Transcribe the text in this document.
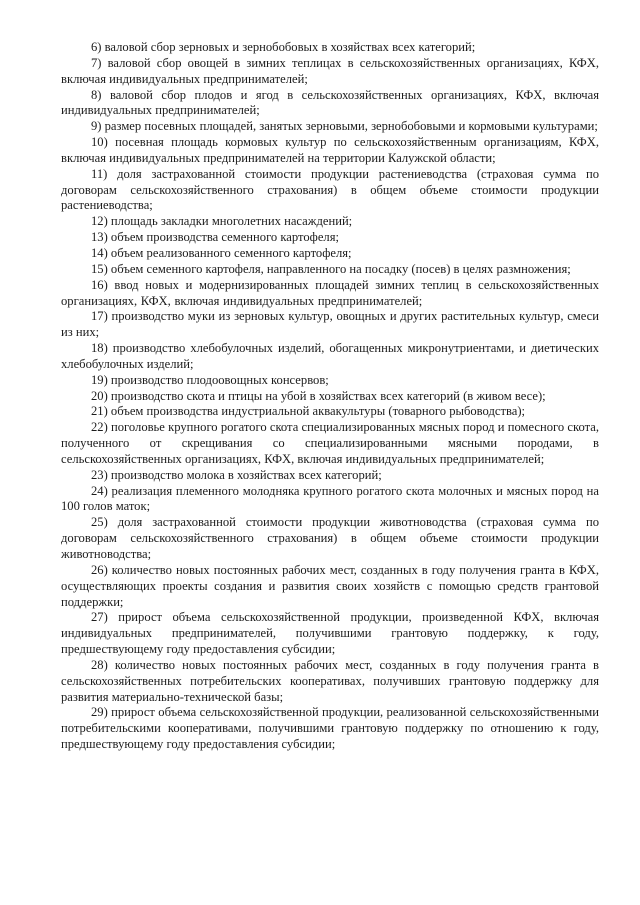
6) валовой сбор зерновых и зернобобовых в хозяйствах всех категорий;

7) валовой сбор овощей в зимних теплицах в сельскохозяйственных организациях, КФХ, включая индивидуальных предпринимателей;

8) валовой сбор плодов и ягод в сельскохозяйственных организациях, КФХ, включая индивидуальных предпринимателей;

9) размер посевных площадей, занятых зерновыми, зернобобовыми и кормовыми культурами;

10) посевная площадь кормовых культур по сельскохозяйственным организациям, КФХ, включая индивидуальных предпринимателей на территории Калужской области;

11) доля застрахованной стоимости продукции растениеводства (страховая сумма по договорам сельскохозяйственного страхования) в общем объеме стоимости продукции растениеводства;

12) площадь закладки многолетних насаждений;

13) объем производства семенного картофеля;

14) объем реализованного семенного картофеля;

15) объем семенного картофеля, направленного на посадку (посев) в целях размножения;

16) ввод новых и модернизированных площадей зимних теплиц в сельскохозяйственных организациях, КФХ, включая индивидуальных предпринимателей;

17) производство муки из зерновых культур, овощных и других растительных культур, смеси из них;

18) производство хлебобулочных изделий, обогащенных микронутриентами, и диетических хлебобулочных изделий;

19) производство плодоовощных консервов;

20) производство скота и птицы на убой в хозяйствах всех категорий (в живом весе);

21) объем производства индустриальной аквакультуры (товарного рыбоводства);

22) поголовье крупного рогатого скота специализированных мясных пород и помесного скота, полученного от скрещивания со специализированными мясными породами, в сельскохозяйственных организациях, КФХ, включая индивидуальных предпринимателей;

23) производство молока в хозяйствах всех категорий;

24) реализация племенного молодняка крупного рогатого скота молочных и мясных пород на 100 голов маток;

25) доля застрахованной стоимости продукции животноводства (страховая сумма по договорам сельскохозяйственного страхования) в общем объеме стоимости продукции животноводства;

26) количество новых постоянных рабочих мест, созданных в году получения гранта в КФХ, осуществляющих проекты создания и развития своих хозяйств с помощью средств грантовой поддержки;

27) прирост объема сельскохозяйственной продукции, произведенной КФХ, включая индивидуальных предпринимателей, получившими грантовую поддержку, к году, предшествующему году предоставления субсидии;

28) количество новых постоянных рабочих мест, созданных в году получения гранта в сельскохозяйственных потребительских кооперативах, получивших грантовую поддержку для развития материально-технической базы;

29) прирост объема сельскохозяйственной продукции, реализованной сельскохозяйственными потребительскими кооперативами, получившими грантовую поддержку по отношению к году, предшествующему году предоставления субсидии;
